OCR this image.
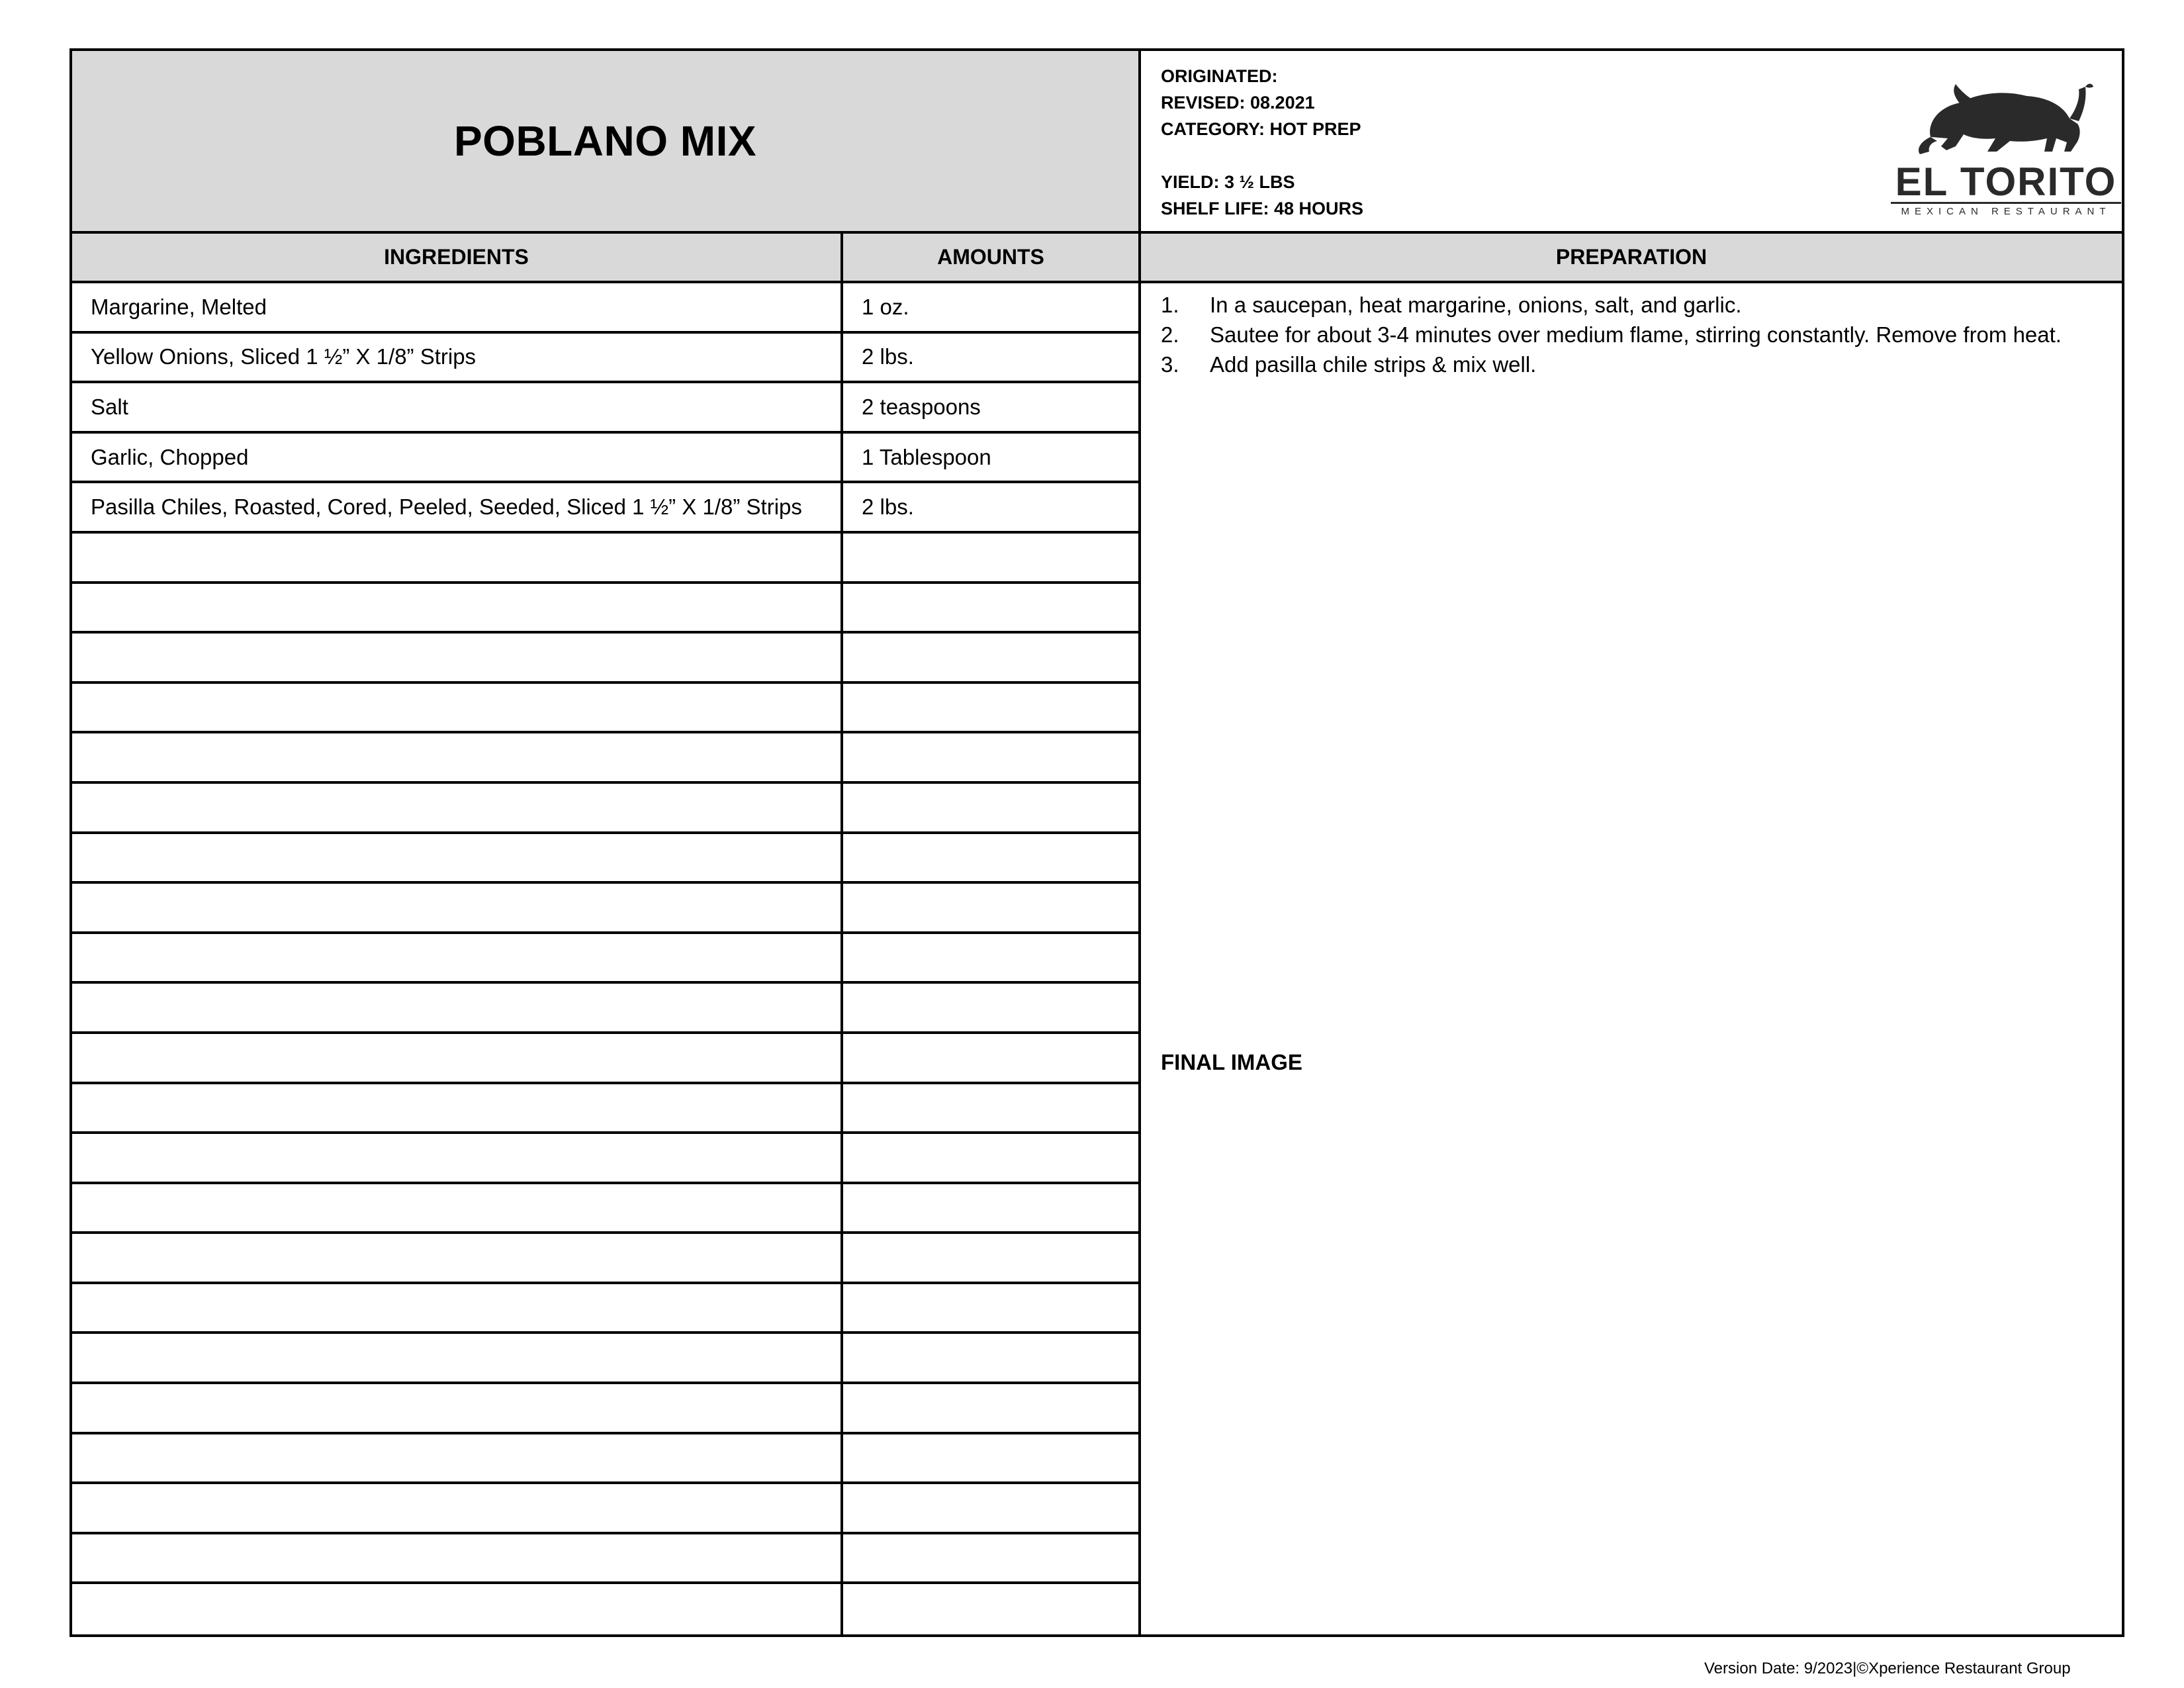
POBLANO MIX
ORIGINATED:
REVISED: 08.2021
CATEGORY: HOT PREP
YIELD: 3 ½ LBS
SHELF LIFE: 48 HOURS
EL TORITO
MEXICAN RESTAURANT
INGREDIENTS	AMOUNTS	PREPARATION
Margarine, Melted	1 oz.
Yellow Onions, Sliced 1 ½” X 1/8” Strips	2 lbs.
Salt	2 teaspoons
Garlic, Chopped	1 Tablespoon
Pasilla Chiles, Roasted, Cored, Peeled, Seeded, Sliced 1 ½” X 1/8” Strips	2 lbs.
1.	In a saucepan, heat margarine, onions, salt, and garlic.
2.	Sautee for about 3-4 minutes over medium flame, stirring constantly. Remove from heat.
3.	Add pasilla chile strips & mix well.
FINAL IMAGE
Version Date: 9/2023|©Xperience Restaurant Group
